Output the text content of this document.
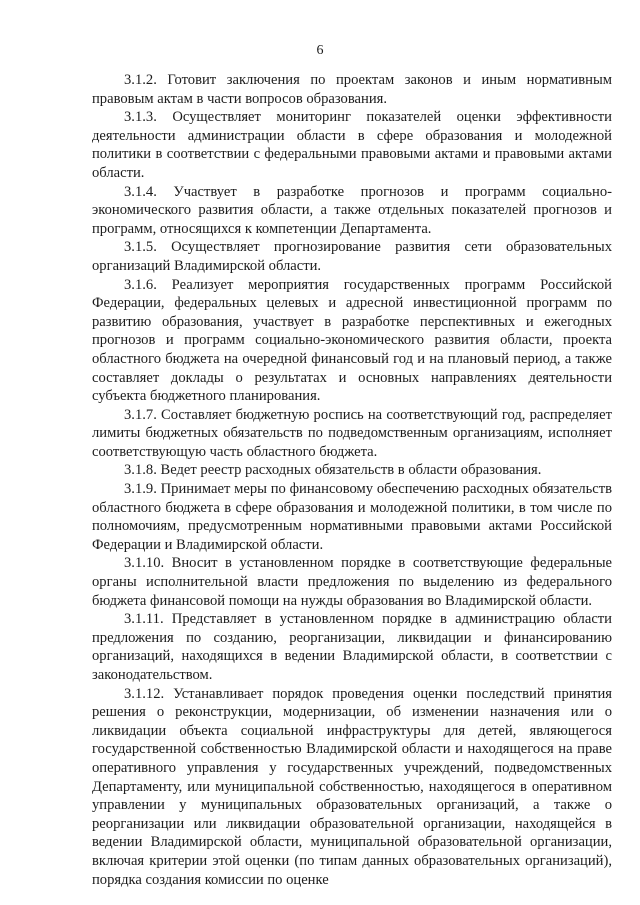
6

3.1.2. Готовит заключения по проектам законов и иным нормативным правовым актам в части вопросов образования.

3.1.3. Осуществляет мониторинг показателей оценки эффективности деятельности администрации области в сфере образования и молодежной политики в соответствии с федеральными правовыми актами и правовыми актами области.

3.1.4. Участвует в разработке прогнозов и программ социально-экономического развития области, а также отдельных показателей прогнозов и программ, относящихся к компетенции Департамента.

3.1.5. Осуществляет прогнозирование развития сети образовательных организаций Владимирской области.

3.1.6. Реализует мероприятия государственных программ Российской Федерации, федеральных целевых и адресной инвестиционной программ по развитию образования, участвует в разработке перспективных и ежегодных прогнозов и программ социально-экономического развития области, проекта областного бюджета на очередной финансовый год и на плановый период, а также составляет доклады о результатах и основных направлениях деятельности субъекта бюджетного планирования.

3.1.7. Составляет бюджетную роспись на соответствующий год, распределяет лимиты бюджетных обязательств по подведомственным организациям, исполняет соответствующую часть областного бюджета.

3.1.8. Ведет реестр расходных обязательств в области образования.

3.1.9. Принимает меры по финансовому обеспечению расходных обязательств областного бюджета в сфере образования и молодежной политики, в том числе по полномочиям, предусмотренным нормативными правовыми актами Российской Федерации и Владимирской области.

3.1.10. Вносит в установленном порядке в соответствующие федеральные органы исполнительной власти предложения по выделению из федерального бюджета финансовой помощи на нужды образования во Владимирской области.

3.1.11. Представляет в установленном порядке в администрацию области предложения по созданию, реорганизации, ликвидации и финансированию организаций, находящихся в ведении Владимирской области, в соответствии с законодательством.

3.1.12. Устанавливает порядок проведения оценки последствий принятия решения о реконструкции, модернизации, об изменении назначения или о ликвидации объекта социальной инфраструктуры для детей, являющегося государственной собственностью Владимирской области и находящегося на праве оперативного управления у государственных учреждений, подведомственных Департаменту, или муниципальной собственностью, находящегося в оперативном управлении у муниципальных образовательных организаций, а также о реорганизации или ликвидации образовательной организации, находящейся в ведении Владимирской области, муниципальной образовательной организации, включая критерии этой оценки (по типам данных образовательных организаций), порядка создания комиссии по оценке
